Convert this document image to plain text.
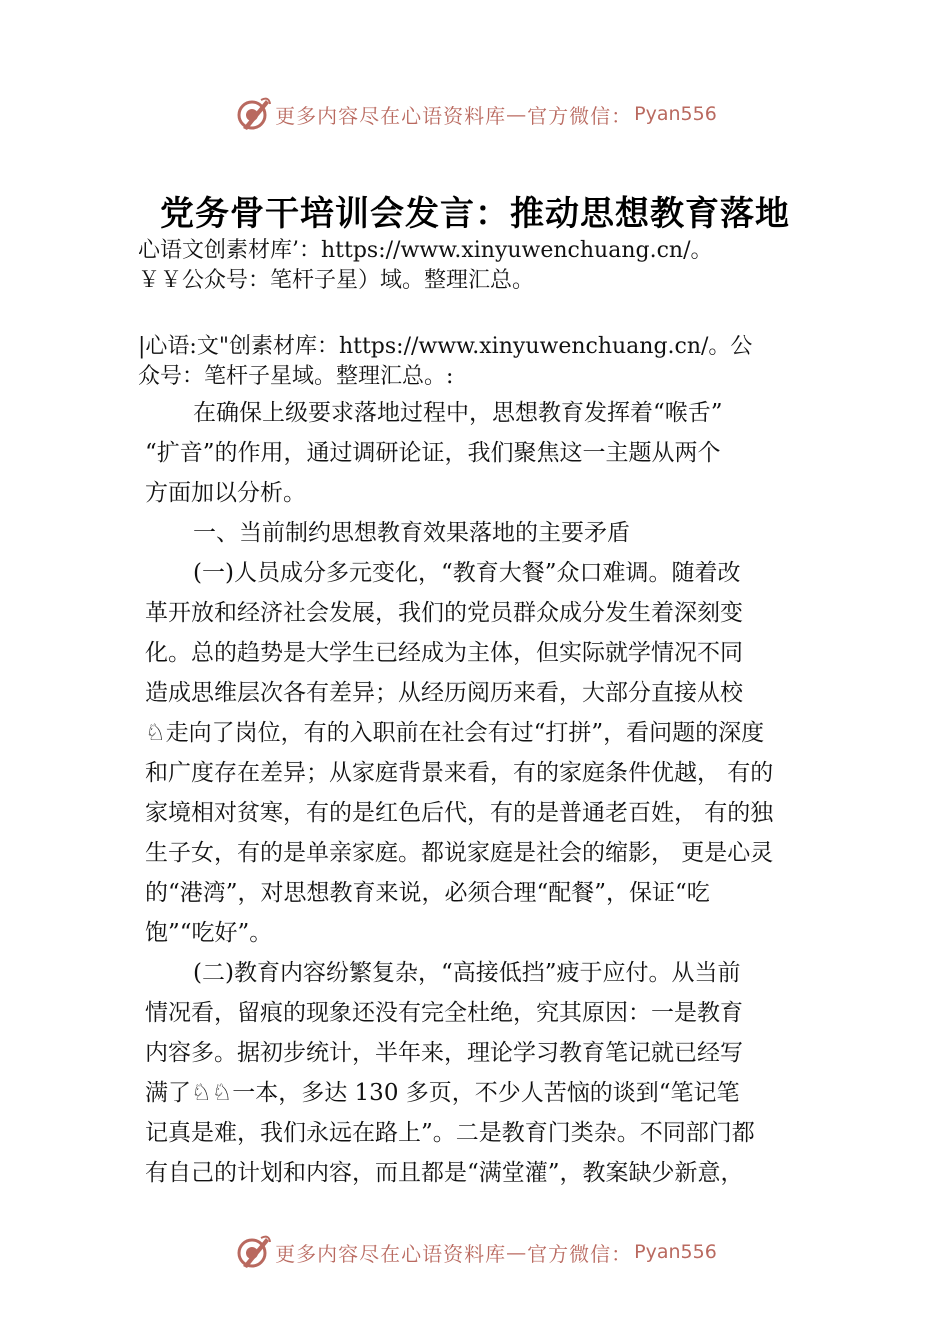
更多内容尽在心语资料库 — 官方微信： Pyan556
党务骨干培训会发言：推动思想教育落地
心语文创素材库’：https://www.xinyuwenchuang.cn/。
￥￥公众号：笔杆子星）域。整理汇总。
|心语:文"创素材库：https://www.xinyuwenchuang.cn/。公
众号：笔杆子星域。整理汇总。:
在确保上级要求落地过程中，思想教育发挥着“喉舌”
“扩音”的作用，通过调研论证，我们聚焦这一主题从两个
方面加以分析。
一、当前制约思想教育效果落地的主要矛盾
(一)人员成分多元变化，“教育大餐”众口难调。随着改
革开放和经济社会发展，我们的党员群众成分发生着深刻变
化。总的趋势是大学生已经成为主体，但实际就学情况不同
造成思维层次各有差异；从经历阅历来看，大部分直接从校
♘走向了岗位，有的入职前在社会有过“打拼”，看问题的深度
和广度存在差异；从家庭背景来看，有的家庭条件优越， 有的
家境相对贫寒，有的是红色后代，有的是普通老百姓， 有的独
生子女，有的是单亲家庭。都说家庭是社会的缩影， 更是心灵
的“港湾”，对思想教育来说，必须合理“配餐”，保证“吃
饱”“吃好”。
(二)教育内容纷繁复杂，“高接低挡”疲于应付。从当前
情况看，留痕的现象还没有完全杜绝，究其原因：一是教育
内容多。据初步统计，半年来，理论学习教育笔记就已经写
满了♘♘一本，多达 130 多页，不少人苦恼的谈到“笔记笔
记真是难，我们永远在路上”。二是教育门类杂。不同部门都
有自己的计划和内容，而且都是“满堂灌”，教案缺少新意，
更多内容尽在心语资料库 — 官方微信： Pyan556
